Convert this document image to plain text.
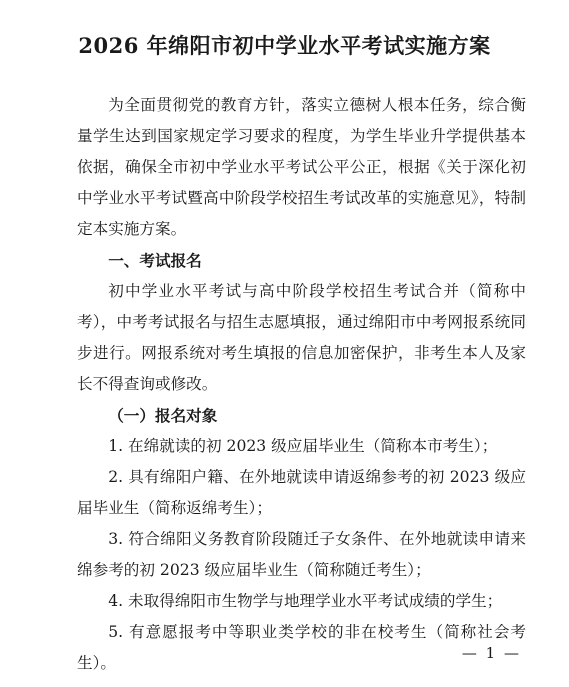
2026 年绵阳市初中学业水平考试实施方案

为全面贯彻党的教育方针，落实立德树人根本任务，综合衡量学生达到国家规定学习要求的程度，为学生毕业升学提供基本依据，确保全市初中学业水平考试公平公正，根据《关于深化初中学业水平考试暨高中阶段学校招生考试改革的实施意见》，特制定本实施方案。

一、考试报名

初中学业水平考试与高中阶段学校招生考试合并（简称中考），中考考试报名与招生志愿填报，通过绵阳市中考网报系统同步进行。网报系统对考生填报的信息加密保护，非考生本人及家长不得查询或修改。

（一）报名对象

1. 在绵就读的初 2023 级应届毕业生（简称本市考生）；

2. 具有绵阳户籍、在外地就读申请返绵参考的初 2023 级应届毕业生（简称返绵考生）；

3. 符合绵阳义务教育阶段随迁子女条件、在外地就读申请来绵参考的初 2023 级应届毕业生（简称随迁考生）；

4. 未取得绵阳市生物学与地理学业水平考试成绩的学生；

5. 有意愿报考中等职业类学校的非在校考生（简称社会考生）。

— 1 —
